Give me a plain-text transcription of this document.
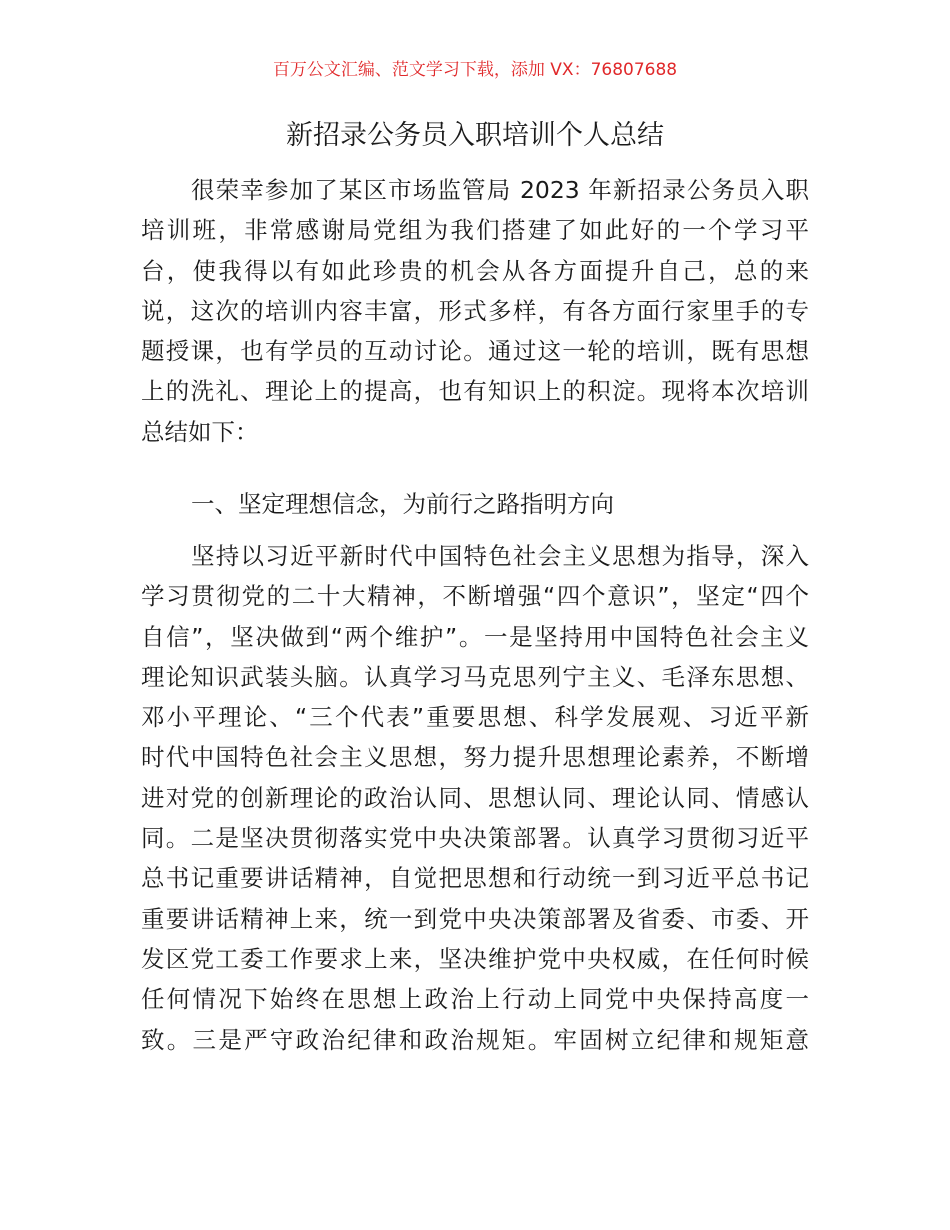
百万公文汇编、范文学习下载，添加 VX：76807688
新招录公务员入职培训个人总结
很荣幸参加了某区市场监管局 2023 年新招录公务员入职
培训班，非常感谢局党组为我们搭建了如此好的一个学习平
台，使我得以有如此珍贵的机会从各方面提升自己，总的来
说，这次的培训内容丰富，形式多样，有各方面行家里手的专
题授课，也有学员的互动讨论。通过这一轮的培训，既有思想
上的洗礼、理论上的提高，也有知识上的积淀。现将本次培训
总结如下：
一、坚定理想信念，为前行之路指明方向
坚持以习近平新时代中国特色社会主义思想为指导，深入
学习贯彻党的二十大精神，不断增强“四个意识”，坚定“四个
自信”，坚决做到“两个维护”。一是坚持用中国特色社会主义
理论知识武装头脑。认真学习马克思列宁主义、毛泽东思想、
邓小平理论、“三个代表”重要思想、科学发展观、习近平新
时代中国特色社会主义思想，努力提升思想理论素养，不断增
进对党的创新理论的政治认同、思想认同、理论认同、情感认
同。二是坚决贯彻落实党中央决策部署。认真学习贯彻习近平
总书记重要讲话精神，自觉把思想和行动统一到习近平总书记
重要讲话精神上来，统一到党中央决策部署及省委、市委、开
发区党工委工作要求上来，坚决维护党中央权威，在任何时候
任何情况下始终在思想上政治上行动上同党中央保持高度一
致。三是严守政治纪律和政治规矩。牢固树立纪律和规矩意
